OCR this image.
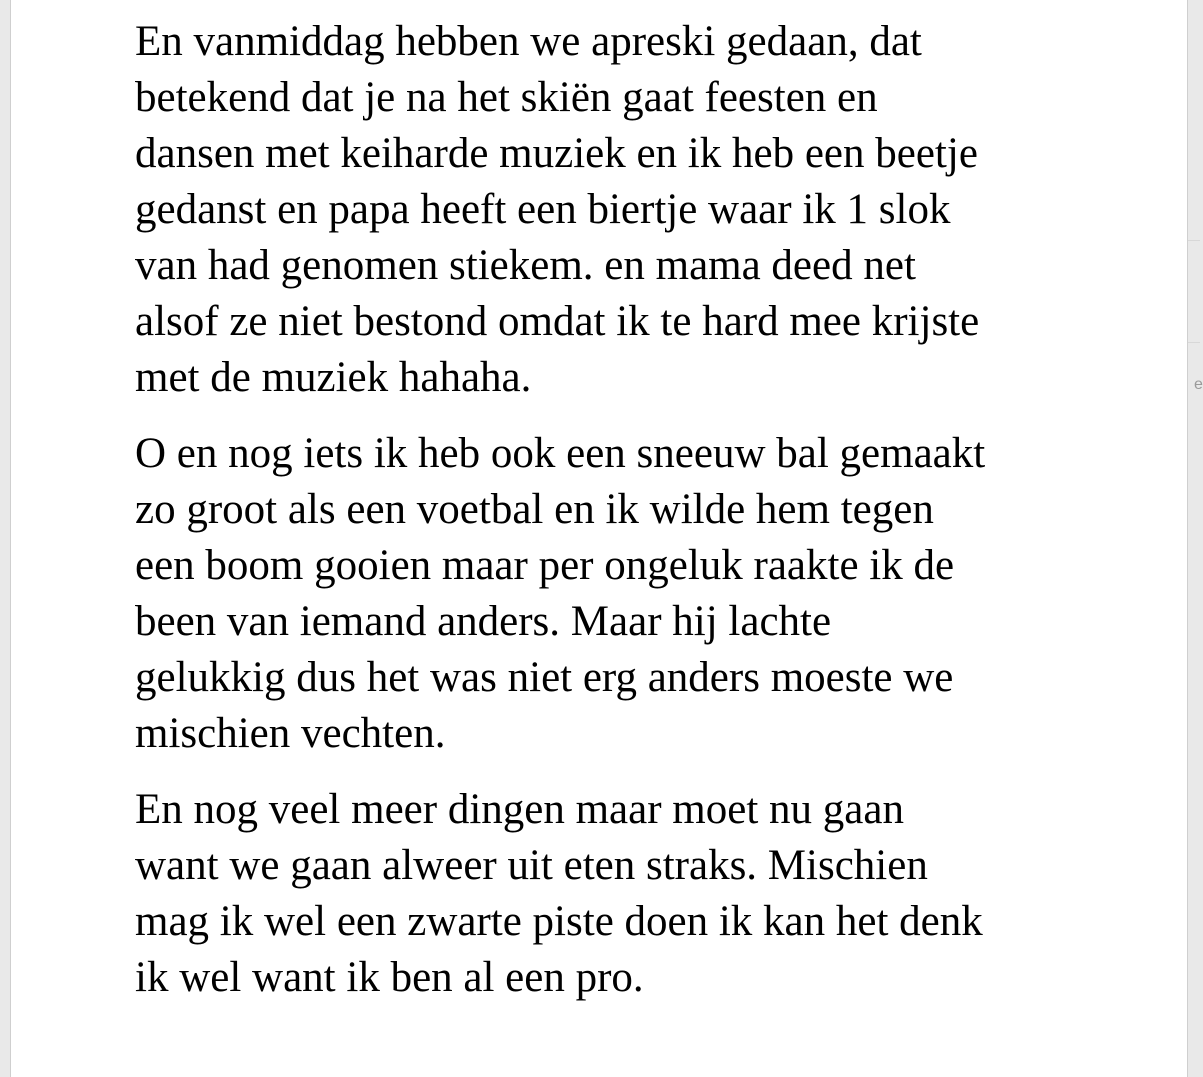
En vanmiddag hebben we apreski gedaan, dat
betekend dat je na het skiën gaat feesten en
dansen met keiharde muziek en ik heb een beetje
gedanst en papa heeft een biertje waar ik 1 slok
van had genomen stiekem. en mama deed net
alsof ze niet bestond omdat ik te hard mee krijste
met de muziek hahaha.

O en nog iets ik heb ook een sneeuw bal gemaakt
zo groot als een voetbal en ik wilde hem tegen
een boom gooien maar per ongeluk raakte ik de
been van iemand anders. Maar hij lachte
gelukkig dus het was niet erg anders moeste we
mischien vechten.

En nog veel meer dingen maar moet nu gaan
want we gaan alweer uit eten straks. Mischien
mag ik wel een zwarte piste doen ik kan het denk
ik wel want ik ben al een pro.

e
